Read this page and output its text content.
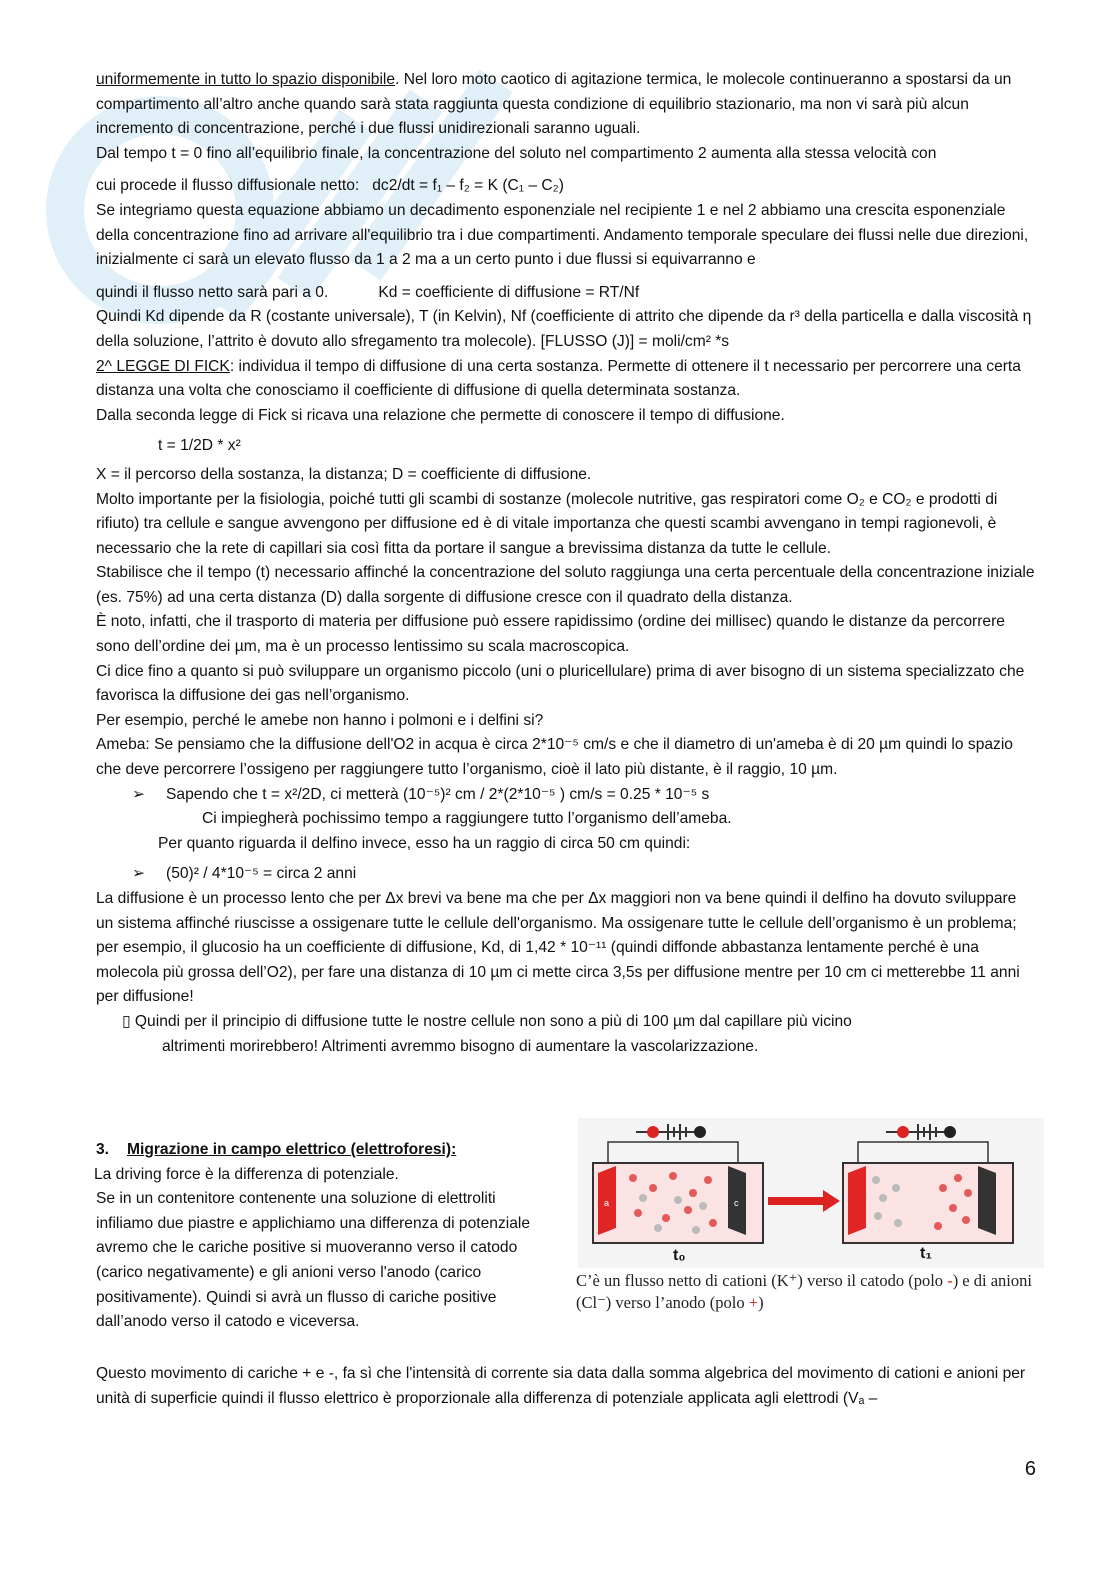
uniformemente in tutto lo spazio disponibile. Nel loro moto caotico di agitazione termica, le molecole continueranno a spostarsi da un compartimento all’altro anche quando sarà stata raggiunta questa condizione di equilibrio stazionario, ma non vi sarà più alcun incremento di concentrazione, perché i due flussi unidirezionali saranno uguali.

Dal tempo t = 0 fino all’equilibrio finale, la concentrazione del soluto nel compartimento 2 aumenta alla stessa velocità con

cui procede il flusso diffusionale netto: dc2/dt = f₁ – f₂ = K (C₁ – C₂)

Se integriamo questa equazione abbiamo un decadimento esponenziale nel recipiente 1 e nel 2 abbiamo una crescita esponenziale della concentrazione fino ad arrivare all'equilibrio tra i due compartimenti. Andamento temporale speculare dei flussi nelle due direzioni, inizialmente ci sarà un elevato flusso da 1 a 2 ma a un certo punto i due flussi si equivarranno e

quindi il flusso netto sarà pari a 0.	Kd = coefficiente di diffusione = RT/Nf

Quindi Kd dipende da R (costante universale), T (in Kelvin), Nf (coefficiente di attrito che dipende da r³ della particella e dalla viscosità η della soluzione, l’attrito è dovuto allo sfregamento tra molecole). [FLUSSO (J)] = moli/cm² *s

2^ LEGGE DI FICK: individua il tempo di diffusione di una certa sostanza. Permette di ottenere il t necessario per percorrere una certa distanza una volta che conosciamo il coefficiente di diffusione di quella determinata sostanza.

Dalla seconda legge di Fick si ricava una relazione che permette di conoscere il tempo di diffusione.

t = 1/2D * x²

X = il percorso della sostanza, la distanza; D = coefficiente di diffusione.

Molto importante per la fisiologia, poiché tutti gli scambi di sostanze (molecole nutritive, gas respiratori come O₂ e CO₂ e prodotti di rifiuto) tra cellule e sangue avvengono per diffusione ed è di vitale importanza che questi scambi avvengano in tempi ragionevoli, è necessario che la rete di capillari sia così fitta da portare il sangue a brevissima distanza da tutte le cellule.

Stabilisce che il tempo (t) necessario affinché la concentrazione del soluto raggiunga una certa percentuale della concentrazione iniziale (es. 75%) ad una certa distanza (D) dalla sorgente di diffusione cresce con il quadrato della distanza.

È noto, infatti, che il trasporto di materia per diffusione può essere rapidissimo (ordine dei millisec) quando le distanze da percorrere sono dell’ordine dei µm, ma è un processo lentissimo su scala macroscopica.

Ci dice fino a quanto si può sviluppare un organismo piccolo (uni o pluricellulare) prima di aver bisogno di un sistema specializzato che favorisca la diffusione dei gas nell’organismo.

Per esempio, perché le amebe non hanno i polmoni e i delfini si?

Ameba: Se pensiamo che la diffusione dell'O2 in acqua è circa 2*10⁻⁵ cm/s e che il diametro di un'ameba è di 20 µm quindi lo spazio che deve percorrere l’ossigeno per raggiungere tutto l’organismo, cioè il lato più distante, è il raggio, 10 µm.

➢ Sapendo che t = x²/2D, ci metterà (10⁻⁵)² cm / 2*(2*10⁻⁵ ) cm/s = 0.25 * 10⁻⁵ s

Ci impiegherà pochissimo tempo a raggiungere tutto l’organismo dell’ameba.

Per quanto riguarda il delfino invece, esso ha un raggio di circa 50 cm quindi:

➢ (50)² / 4*10⁻⁵ = circa 2 anni

La diffusione è un processo lento che per Δx brevi va bene ma che per Δx maggiori non va bene quindi il delfino ha dovuto sviluppare un sistema affinché riuscisse a ossigenare tutte le cellule dell'organismo. Ma ossigenare tutte le cellule dell’organismo è un problema; per esempio, il glucosio ha un coefficiente di diffusione, Kd, di 1,42 * 10⁻¹¹ (quindi diffonde abbastanza lentamente perché è una molecola più grossa dell’O2), per fare una distanza di 10 µm ci mette circa 3,5s per diffusione mentre per 10 cm ci metterebbe 11 anni per diffusione!

▯ Quindi per il principio di diffusione tutte le nostre cellule non sono a più di 100 µm dal capillare più vicino

altrimenti morirebbero! Altrimenti avremmo bisogno di aumentare la vascolarizzazione.

3. Migrazione in campo elettrico (elettroforesi):

La driving force è la differenza di potenziale.

Se in un contenitore contenente una soluzione di elettroliti infiliamo due piastre e applichiamo una differenza di potenziale avremo che le cariche positive si muoveranno verso il catodo (carico negativamente) e gli anioni verso l'anodo (carico positivamente). Quindi si avrà un flusso di cariche positive dall’anodo verso il catodo e viceversa.

a	c
t₀	t₁
C’è un flusso netto di cationi (K⁺) verso il catodo (polo -) e di anioni (Cl⁻) verso l’anodo (polo +)
Questo movimento di cariche + e -, fa sì che l'intensità di corrente sia data dalla somma algebrica del movimento di cationi e anioni per unità di superficie quindi il flusso elettrico è proporzionale alla differenza di potenziale applicata agli elettrodi (Vₐ –
6
